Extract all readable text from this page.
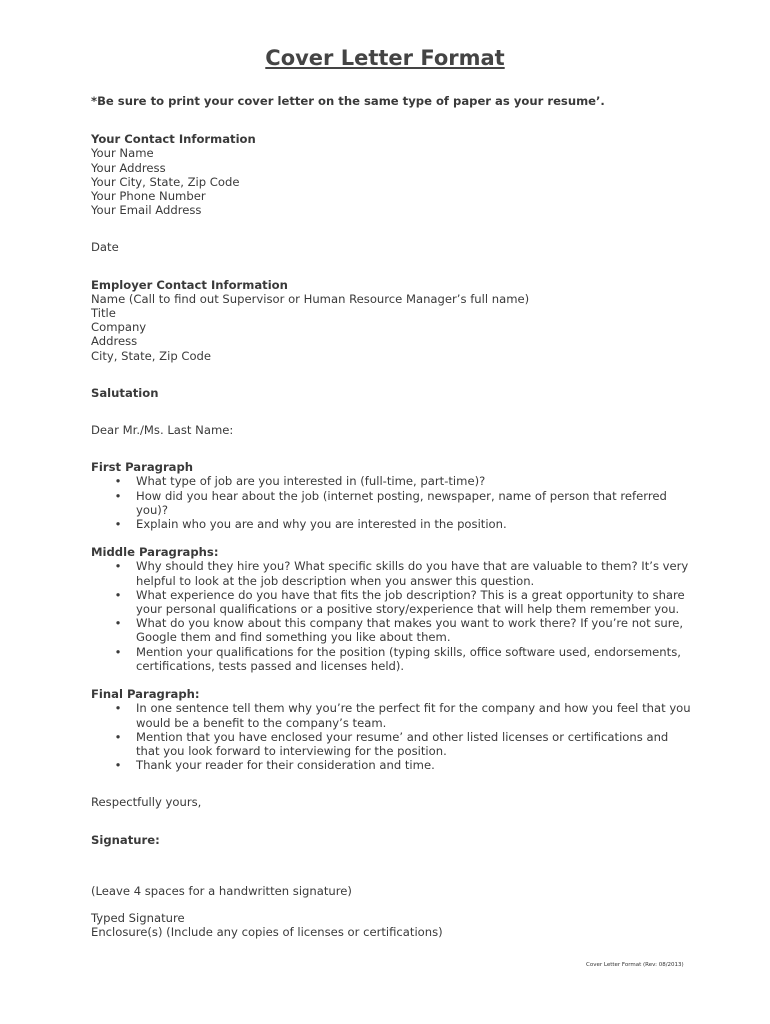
Cover Letter Format

*Be sure to print your cover letter on the same type of paper as your resume’.

Your Contact Information

Your Name

Your Address

Your City, State, Zip Code

Your Phone Number

Your Email Address

Date

Employer Contact Information

Name (Call to find out Supervisor or Human Resource Manager’s full name)

Title

Company

Address

City, State, Zip Code

Salutation

Dear Mr./Ms. Last Name:

First Paragraph
• What type of job are you interested in (full-time, part-time)?
• How did you hear about the job (internet posting, newspaper, name of person that referred you)?
• Explain who you are and why you are interested in the position.
Middle Paragraphs:
• Why should they hire you? What specific skills do you have that are valuable to them? It’s very helpful to look at the job description when you answer this question.
• What experience do you have that fits the job description? This is a great opportunity to share your personal qualifications or a positive story/experience that will help them remember you.
• What do you know about this company that makes you want to work there? If you’re not sure, Google them and find something you like about them.
• Mention your qualifications for the position (typing skills, office software used, endorsements, certifications, tests passed and licenses held).
Final Paragraph:
• In one sentence tell them why you’re the perfect fit for the company and how you feel that you would be a benefit to the company’s team.
• Mention that you have enclosed your resume’ and other listed licenses or certifications and that you look forward to interviewing for the position.
• Thank your reader for their consideration and time.

Respectfully yours,

Signature:

(Leave 4 spaces for a handwritten signature)

Typed Signature

Enclosure(s) (Include any copies of licenses or certifications)

Cover Letter Format (Rev: 08/2013)
